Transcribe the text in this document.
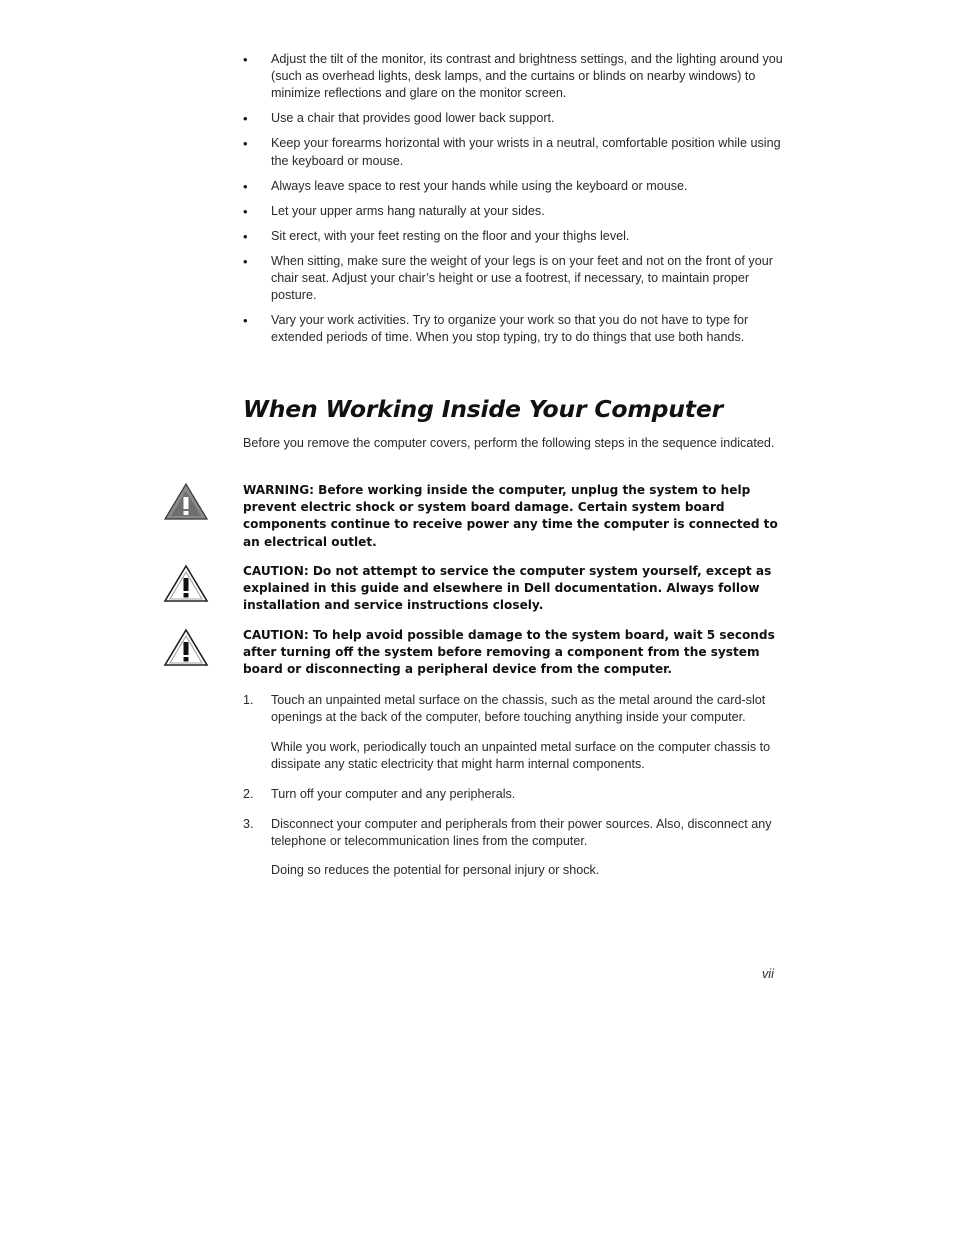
• Adjust the tilt of the monitor, its contrast and brightness settings, and the lighting around you (such as overhead lights, desk lamps, and the curtains or blinds on nearby windows) to minimize reflections and glare on the monitor screen.
• Use a chair that provides good lower back support.
• Keep your forearms horizontal with your wrists in a neutral, comfortable position while using the keyboard or mouse.
• Always leave space to rest your hands while using the keyboard or mouse.
• Let your upper arms hang naturally at your sides.
• Sit erect, with your feet resting on the floor and your thighs level.
• When sitting, make sure the weight of your legs is on your feet and not on the front of your chair seat. Adjust your chair’s height or use a footrest, if necessary, to maintain proper posture.
• Vary your work activities. Try to organize your work so that you do not have to type for extended periods of time. When you stop typing, try to do things that use both hands.
When Working Inside Your Computer

Before you remove the computer covers, perform the following steps in the sequence indicated.

WARNING: Before working inside the computer, unplug the system to help prevent electric shock or system board damage. Certain system board components continue to receive power any time the computer is connected to an electrical outlet.

CAUTION: Do not attempt to service the computer system yourself, except as explained in this guide and elsewhere in Dell documentation. Always follow installation and service instructions closely.

CAUTION: To help avoid possible damage to the system board, wait 5 seconds after turning off the system before removing a component from the system board or disconnecting a peripheral device from the computer.

1. Touch an unpainted metal surface on the chassis, such as the metal around the card-slot openings at the back of the computer, before touching anything inside your computer.

While you work, periodically touch an unpainted metal surface on the computer chassis to dissipate any static electricity that might harm internal components.

2. Turn off your computer and any peripherals.

3. Disconnect your computer and peripherals from their power sources. Also, disconnect any telephone or telecommunication lines from the computer.

Doing so reduces the potential for personal injury or shock.

vii
